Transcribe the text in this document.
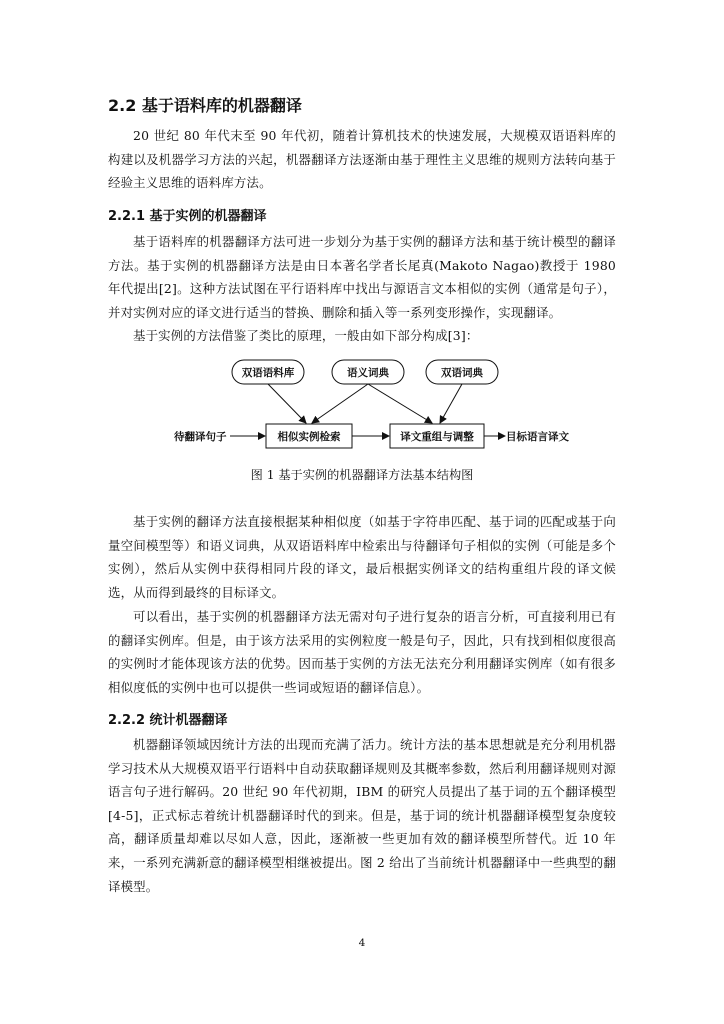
2.2 基于语料库的机器翻译

20 世纪 80 年代末至 90 年代初，随着计算机技术的快速发展，大规模双语语料库的构建以及机器学习方法的兴起，机器翻译方法逐渐由基于理性主义思维的规则方法转向基于经验主义思维的语料库方法。

2.2.1 基于实例的机器翻译

基于语料库的机器翻译方法可进一步划分为基于实例的翻译方法和基于统计模型的翻译方法。基于实例的机器翻译方法是由日本著名学者长尾真(Makoto Nagao)教授于 1980 年代提出[2]。这种方法试图在平行语料库中找出与源语言文本相似的实例（通常是句子），并对实例对应的译文进行适当的替换、删除和插入等一系列变形操作，实现翻译。

基于实例的方法借鉴了类比的原理，一般由如下部分构成[3]：

双语语料库	语义词典	双语词典
相似实例检索	译文重组与调整
待翻译句子	目标语言译文

图 1 基于实例的机器翻译方法基本结构图

基于实例的翻译方法直接根据某种相似度（如基于字符串匹配、基于词的匹配或基于向量空间模型等）和语义词典，从双语语料库中检索出与待翻译句子相似的实例（可能是多个实例），然后从实例中获得相同片段的译文，最后根据实例译文的结构重组片段的译文候选，从而得到最终的目标译文。

可以看出，基于实例的机器翻译方法无需对句子进行复杂的语言分析，可直接利用已有的翻译实例库。但是，由于该方法采用的实例粒度一般是句子，因此，只有找到相似度很高的实例时才能体现该方法的优势。因而基于实例的方法无法充分利用翻译实例库（如有很多相似度低的实例中也可以提供一些词或短语的翻译信息）。

2.2.2 统计机器翻译

机器翻译领域因统计方法的出现而充满了活力。统计方法的基本思想就是充分利用机器学习技术从大规模双语平行语料中自动获取翻译规则及其概率参数，然后利用翻译规则对源语言句子进行解码。20 世纪 90 年代初期，IBM 的研究人员提出了基于词的五个翻译模型[4-5]，正式标志着统计机器翻译时代的到来。但是，基于词的统计机器翻译模型复杂度较高，翻译质量却难以尽如人意，因此，逐渐被一些更加有效的翻译模型所替代。近 10 年来，一系列充满新意的翻译模型相继被提出。图 2 给出了当前统计机器翻译中一些典型的翻译模型。

4
